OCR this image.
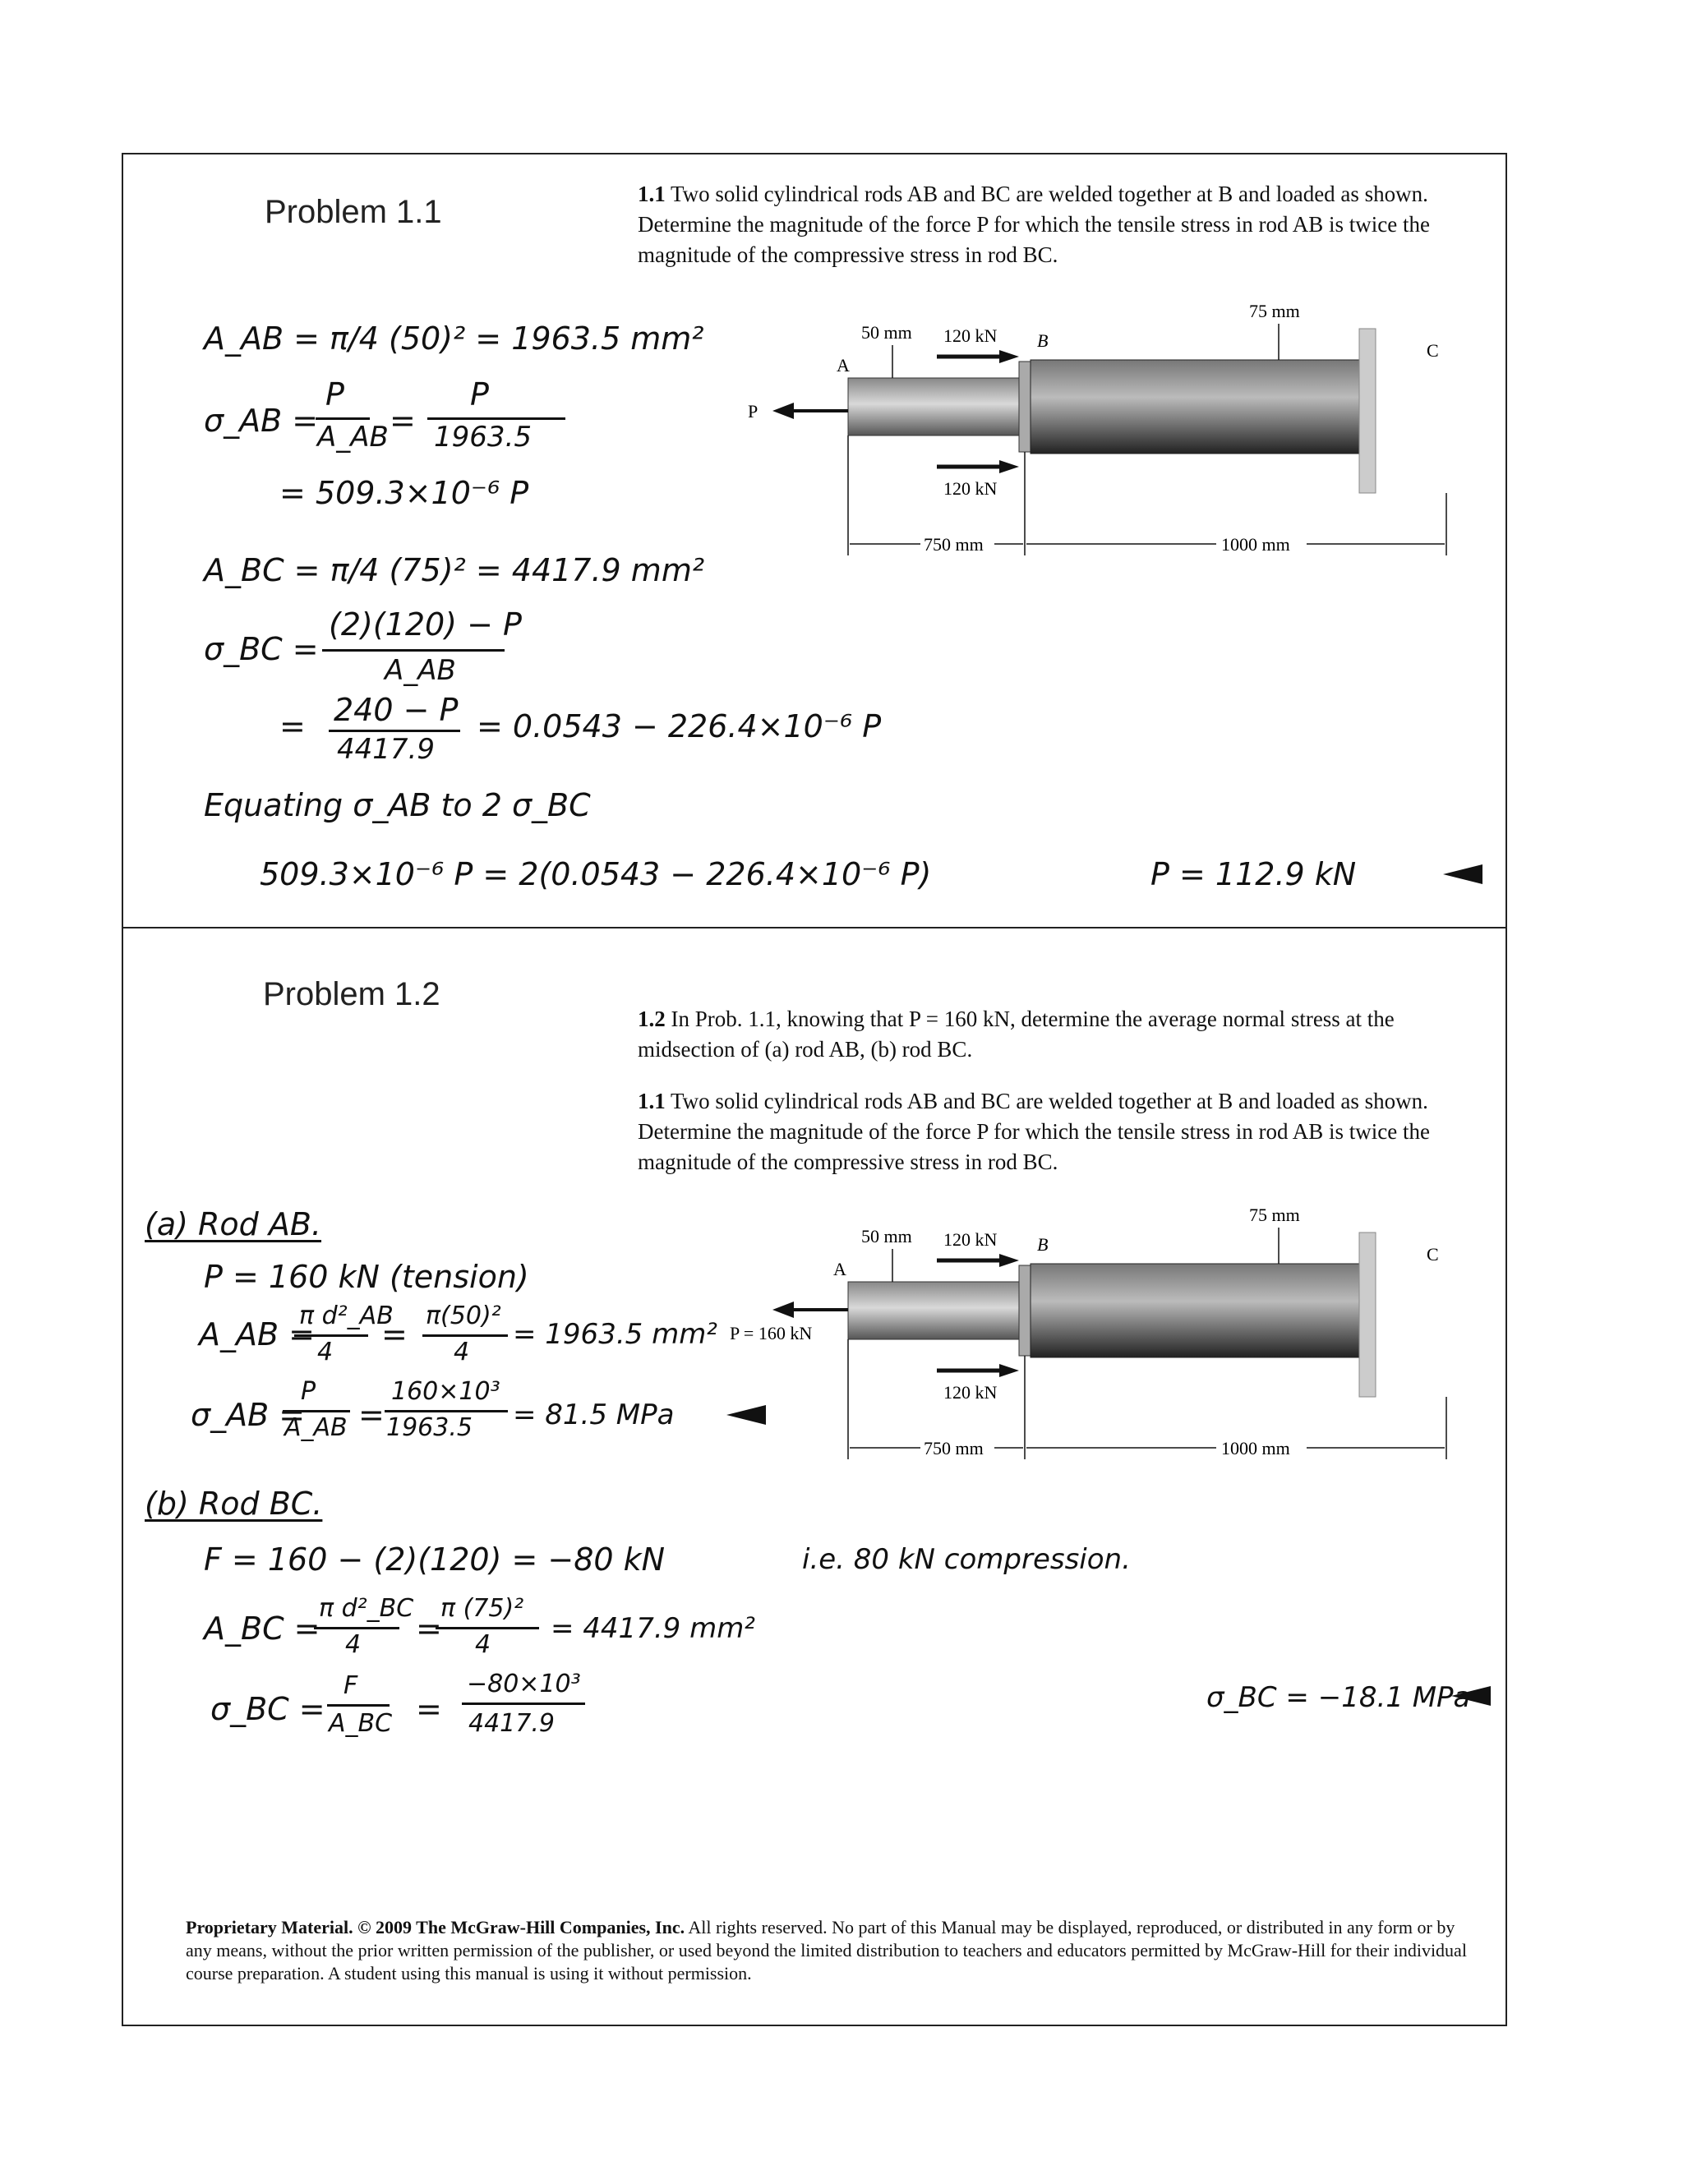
Problem 1.1	1.1 Two solid cylindrical rods AB and BC are welded together at B and loaded as shown. Determine the magnitude of the force P for which the tensile stress in rod AB is twice the magnitude of the compressive stress in rod BC.
50 mm
75 mm
120 kN
120 kN
A
B	C
P
750 mm	1000 mm
A_AB = π/4 (50)² = 1963.5 mm²
σ_AB =
P
A_AB =
P
1963.5
= 509.3×10⁻⁶ P
A_BC = π/4 (75)² = 4417.9 mm²
σ_BC =
(2)(120) − P
A_AB
= 240 − P
4417.9
= 0.0543 − 226.4×10⁻⁶ P
Equating σ_AB to 2 σ_BC
509.3×10⁻⁶ P = 2(0.0543 − 226.4×10⁻⁶ P)	P = 112.9 kN
Problem 1.2
1.2 In Prob. 1.1, knowing that P = 160 kN, determine the average normal stress at the midsection of (a) rod AB, (b) rod BC.
1.1 Two solid cylindrical rods AB and BC are welded together at B and loaded as shown. Determine the magnitude of the force P for which the tensile stress in rod AB is twice the magnitude of the compressive stress in rod BC.
50 mm
75 mm
120 kN
120 kN
A
B	C
P = 160 kN
750 mm	1000 mm
(a) Rod AB.
P = 160 kN (tension)
A_AB =
π d²_AB
4 =
π(50)²
4
= 1963.5 mm²
σ_AB =
P
A_AB =
160×10³
1963.5 = 81.5 MPa
(b) Rod BC.
F = 160 − (2)(120) = −80 kN	i.e. 80 kN compression.
A_BC =
π d²_BC
4 =
π (75)²
4 = 4417.9 mm²
σ_BC =
F
A_BC =
−80×10³
4417.9
σ_BC = −18.1 MPa
Proprietary Material. © 2009 The McGraw-Hill Companies, Inc. All rights reserved. No part of this Manual may be displayed, reproduced, or distributed in any form or by any means, without the prior written permission of the publisher, or used beyond the limited distribution to teachers and educators permitted by McGraw-Hill for their individual course preparation. A student using this manual is using it without permission.
